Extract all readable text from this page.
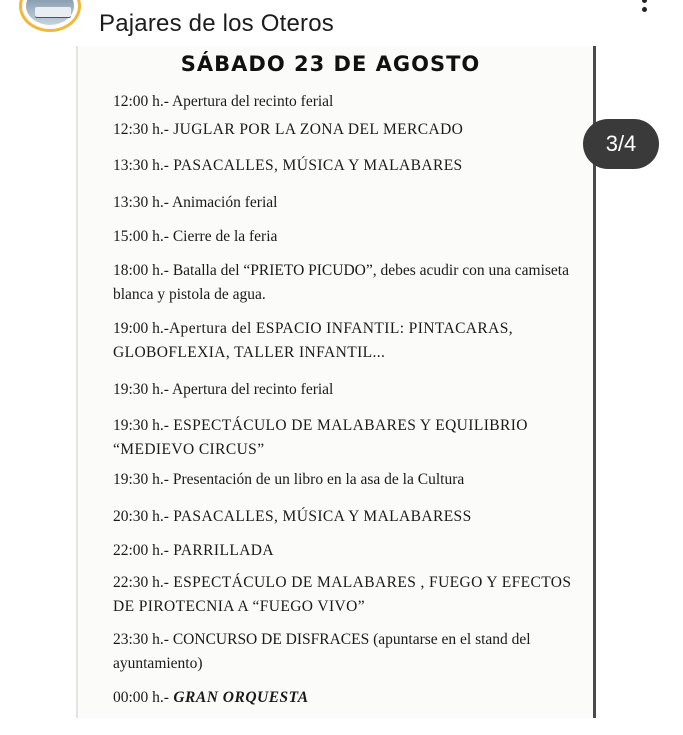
Pajares de los Oteros
SÁBADO 23 DE AGOSTO
12:00 h.- Apertura del recinto ferial
12:30 h.- JUGLAR POR LA ZONA DEL MERCADO
13:30 h.- PASACALLES, MÚSICA Y MALABARES
13:30 h.- Animación ferial
15:00 h.- Cierre de la feria
18:00 h.- Batalla del “PRIETO PICUDO”, debes acudir con una camiseta blanca y pistola de agua.
19:00 h.-Apertura del ESPACIO INFANTIL: PINTACARAS, GLOBOFLEXIA, TALLER INFANTIL...
19:30 h.- Apertura del recinto ferial
19:30 h.- ESPECTÁCULO DE MALABARES Y EQUILIBRIO “MEDIEVO CIRCUS”
19:30 h.- Presentación de un libro en la asa de la Cultura
20:30 h.- PASACALLES, MÚSICA Y MALABARESS
22:00 h.- PARRILLADA
22:30 h.- ESPECTÁCULO DE MALABARES , FUEGO Y EFECTOS DE PIROTECNIA A “FUEGO VIVO”
23:30 h.- CONCURSO DE DISFRACES (apuntarse en el stand del ayuntamiento)
00:00 h.- GRAN ORQUESTA
3/4
